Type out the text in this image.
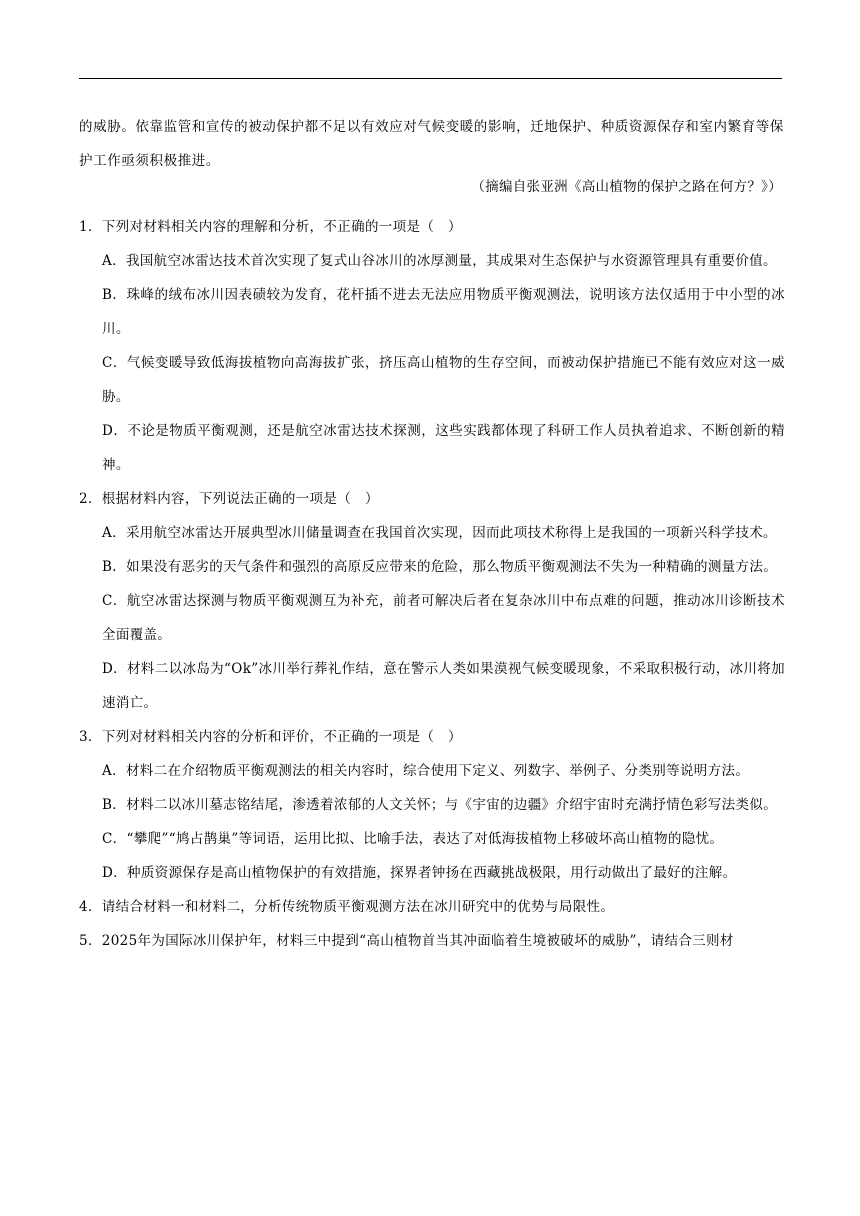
的威胁。依靠监管和宣传的被动保护都不足以有效应对气候变暖的影响，迁地保护、种质资源保存和室内繁育等保护工作亟须积极推进。

（摘编自张亚洲《高山植物的保护之路在何方？》）

1．下列对材料相关内容的理解和分析，不正确的一项是（　）

A．我国航空冰雷达技术首次实现了复式山谷冰川的冰厚测量，其成果对生态保护与水资源管理具有重要价值。

B．珠峰的绒布冰川因表碛较为发育，花杆插不进去无法应用物质平衡观测法，说明该方法仅适用于中小型的冰川。

C．气候变暖导致低海拔植物向高海拔扩张，挤压高山植物的生存空间，而被动保护措施已不能有效应对这一威胁。

D．不论是物质平衡观测，还是航空冰雷达技术探测，这些实践都体现了科研工作人员执着追求、不断创新的精神。

2．根据材料内容，下列说法正确的一项是（　）

A．采用航空冰雷达开展典型冰川储量调查在我国首次实现，因而此项技术称得上是我国的一项新兴科学技术。

B．如果没有恶劣的天气条件和强烈的高原反应带来的危险，那么物质平衡观测法不失为一种精确的测量方法。

C．航空冰雷达探测与物质平衡观测互为补充，前者可解决后者在复杂冰川中布点难的问题，推动冰川诊断技术全面覆盖。

D．材料二以冰岛为“Ok”冰川举行葬礼作结，意在警示人类如果漠视气候变暖现象，不采取积极行动，冰川将加速消亡。

3．下列对材料相关内容的分析和评价，不正确的一项是（　）

A．材料二在介绍物质平衡观测法的相关内容时，综合使用下定义、列数字、举例子、分类别等说明方法。

B．材料二以冰川墓志铭结尾，渗透着浓郁的人文关怀；与《宇宙的边疆》介绍宇宙时充满抒情色彩写法类似。

C．“攀爬”“鸠占鹊巢”等词语，运用比拟、比喻手法，表达了对低海拔植物上移破坏高山植物的隐忧。

D．种质资源保存是高山植物保护的有效措施，探界者钟扬在西藏挑战极限，用行动做出了最好的注解。

4．请结合材料一和材料二，分析传统物质平衡观测方法在冰川研究中的优势与局限性。

5．2025年为国际冰川保护年，材料三中提到“高山植物首当其冲面临着生境被破坏的威胁”，请结合三则材
